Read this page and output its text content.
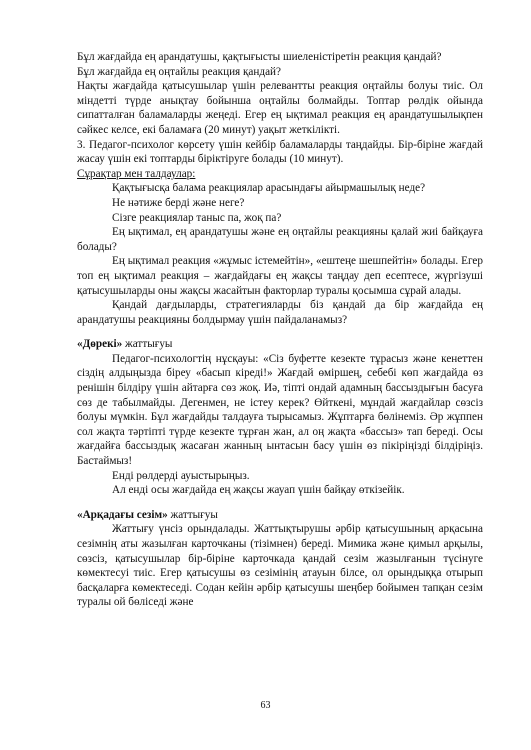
Бұл жағдайда ең арандатушы, қақтығысты шиеленістіретін реакция қандай?

Бұл жағдайда ең оңтайлы реакция қандай?

Нақты жағдайда қатысушылар үшін релевантты реакция оңтайлы болуы тиіс. Ол міндетті түрде анықтау бойынша оңтайлы болмайды. Топтар рөлдік ойында сипатталған баламаларды жеңеді. Егер ең ықтимал реакция ең арандатушылықпен сәйкес келсе, екі баламаға (20 минут) уақыт жеткілікті.

3. Педагог-психолог көрсету үшін кейбір баламаларды таңдайды. Бір-біріне жағдай жасау үшін екі топтарды біріктіруге болады (10 минут).

Сұрақтар мен талдаулар:

Қақтығысқа балама реакциялар арасындағы айырмашылық неде?

Не нәтиже берді және неге?

Сізге реакциялар таныс па, жоқ па?

Ең ықтимал, ең арандатушы және ең оңтайлы реакцияны қалай жиі байқауға болады?

Ең ықтимал реакция «жұмыс істемейтін», «ештеңе шешпейтін» болады. Егер топ ең ықтимал реакция – жағдайдағы ең жақсы таңдау деп есептесе, жүргізуші қатысушыларды оны жақсы жасайтын факторлар туралы қосымша сұрай алады.

Қандай дағдыларды, стратегияларды біз қандай да бір жағдайда ең арандатушы реакцияны болдырмау үшін пайдаланамыз?

«Дөрекі» жаттығуы

Педагог-психологтің нұсқауы: «Сіз буфетте кезекте тұрасыз және кенеттен сіздің алдыңызда біреу «басып кіреді!» Жағдай өміршең, себебі көп жағдайда өз ренішін білдіру үшін айтарға сөз жоқ. Иә, тіпті ондай адамның бассыздығын басуға сөз де табылмайды. Дегенмен, не істеу керек? Өйткені, мұндай жағдайлар сөзсіз болуы мүмкін. Бұл жағдайды талдауға тырысамыз. Жұптарға бөлінеміз. Әр жұппен сол жақта тәртіпті түрде кезекте тұрған жан, ал оң жақта «бассыз» тап береді. Осы жағдайға бассыздық жасаған жанның ынтасын басу үшін өз пікіріңізді білдіріңіз. Бастаймыз!

Енді рөлдерді ауыстырыңыз.

Ал енді осы жағдайда ең жақсы жауап үшін байқау өткізейік.

«Арқадағы сезім» жаттығуы

Жаттығу үнсіз орындалады. Жаттықтырушы әрбір қатысушының арқасына сезімнің аты жазылған карточканы (тізімнен) береді. Мимика және қимыл арқылы, сөзсіз, қатысушылар бір-біріне карточкада қандай сезім жазылғанын түсінуге көмектесуі тиіс. Егер қатысушы өз сезімінің атауын білсе, ол орындыққа отырып басқаларға көмектеседі. Содан кейін әрбір қатысушы шеңбер бойымен тапқан сезім туралы ой бөліседі және

63
